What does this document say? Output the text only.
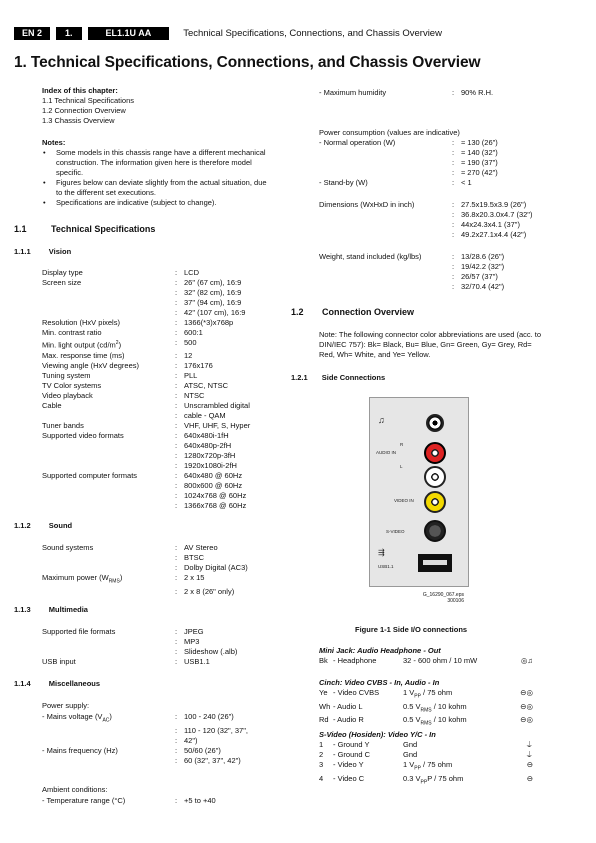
EN 2	1.	EL1.1U AA	Technical Specifications, Connections, and Chassis Overview
1. Technical Specifications, Connections, and Chassis Overview
Index of this chapter:
1.1 Technical Specifications
1.2 Connection Overview
1.3 Chassis Overview
Notes:
• Some models in this chassis range have a different mechanical construction. The information given here is therefore model specific.
• Figures below can deviate slightly from the actual situation, due to the different set executions.
• Specifications are indicative (subject to change).
1.1	Technical Specifications
1.1.1 Vision
Display type	: LCD
Screen size	: 26" (67 cm), 16:9
: 32" (82 cm), 16:9
: 37" (94 cm), 16:9
: 42" (107 cm), 16:9
Resolution (HxV pixels)	: 1366(*3)x768p
Min. contrast ratio	: 600:1
Min. light output $(cd/m^2)$	: 500
Max. response time (ms)	: 12
Viewing angle (HxV degrees)	: 176x176
Tuning system	: PLL
TV Color systems	: ATSC, NTSC
Video playback	: NTSC
Cable	: Unscrambled digital
: cable - QAM
Tuner bands	: VHF, UHF, S, Hyper
Supported video formats	: 640x480i-1fH
: 640x480p-2fH
: 1280x720p-3fH
: 1920x1080i-2fH
Supported computer formats	: 640x480 @ 60Hz
: 800x600 @ 60Hz
: 1024x768 @ 60Hz
: 1366x768 @ 60Hz
1.1.2 Sound
Sound systems	: AV Stereo
: BTSC
: Dolby Digital (AC3)
Maximum power $(W_{RMS})$	: 2 x 15
: 2 x 8 (26" only)
1.1.3 Multimedia
Supported file formats	: JPEG
: MP3
: Slideshow (.alb)
USB input	: USB1.1
1.1.4 Miscellaneous
Power supply:
- Mains voltage $(V_{AC})$	: 100 - 240 (26")
: 110 - 120 (32", 37",
: 42")
- Mains frequency (Hz)	: 50/60 (26")
: 60 (32", 37", 42")
Ambient conditions:
- Temperature range (°C)	: +5 to +40
- Maximum humidity	: 90% R.H.
Power consumption (values are indicative)
- Normal operation (W)	: ≈ 130 (26")
: ≈ 140 (32")
: ≈ 190 (37")
: ≈ 270 (42")
- Stand-by (W)	: < 1
Dimensions (WxHxD in inch)	: 27.5x19.5x3.9 (26")
: 36.8x20.3.0x4.7 (32")
: 44x24.3x4.1 (37")
: 49.2x27.1x4.4 (42")
Weight, stand included (kg/lbs)	: 13/28.6 (26")
: 19/42.2 (32")
: 26/57 (37")
: 32/70.4 (42")
1.2 Connection Overview
Note: The following connector color abbreviations are used (acc. to DIN/IEC 757): Bk= Black, Bu= Blue, Gn= Green, Gy= Grey, Rd= Red, Wh= White, and Ye= Yellow.
1.2.1 Side Connections
♫
R
AUDIO IN
L
VIDEO IN
S-VIDEO
⇶
USB1.1
G_16290_067.eps
300106
Figure 1-1 Side I/O connections
Mini Jack: Audio Headphone - Out
Bk - Headphone	32 - 600 ohm / 10 mW	◎♫
Cinch: Video CVBS - In, Audio - In
Ye - Video CVBS	1 $V_{PP} / 75$ ohm	⊖◎
Wh - Audio L	0.5 $V_{RMS} / 10$ kohm	⊖◎
Rd - Audio R	0.5 $V_{RMS} / 10$ kohm	⊖◎
S-Video (Hosiden): Video Y/C - In
1	- Ground Y	Gnd	⏚
2	- Ground C	Gnd	⏚
3	- Video Y	1 $V_{PP} / 75$ ohm	⊖
4	- Video C	0.3 $V_{PP}P / 75$ ohm	⊖
